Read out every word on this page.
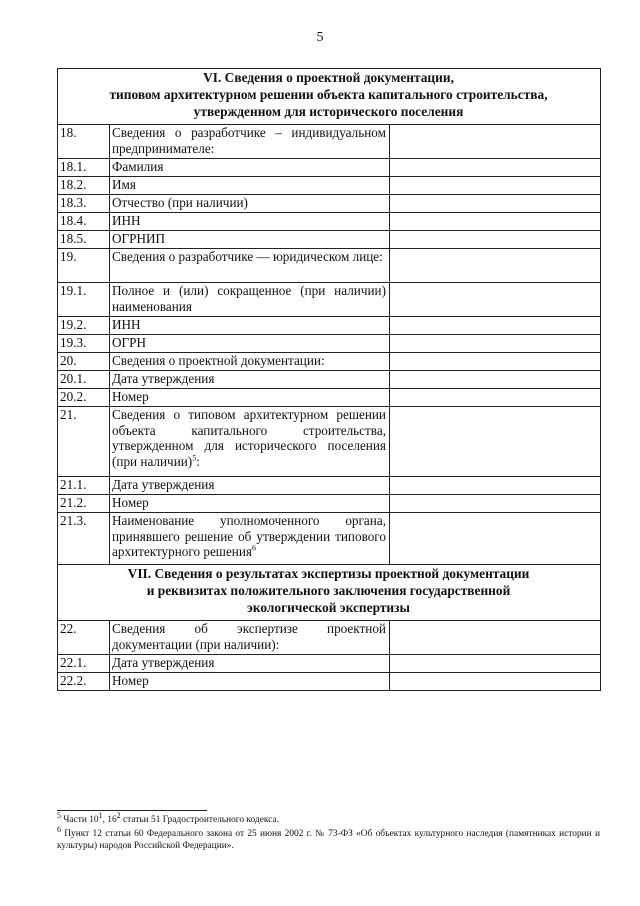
5
VI. Сведения о проектной документации,
типовом архитектурном решении объекта капитального строительства,
утвержденном для исторического поселения		

18.	Сведения о разработчике – индивидуальном предпринимателе:	
18.1.	Фамилия	
18.2.	Имя	
18.3.	Отчество (при наличии)	
18.4.	ИНН	
18.5.	ОГРНИП	
19.	Сведения о разработчике — юридическом лице:	
19.1.	Полное и (или) сокращенное (при наличии) наименования	
19.2.	ИНН	
19.3.	ОГРН	
20.	Сведения о проектной документации:	
20.1.	Дата утверждения	
20.2.	Номер	
21.	Сведения о типовом архитектурном решении объекта капитального строительства, утвержденном для исторического поселения (при наличии)$^5$:	
21.1.	Дата утверждения	
21.2.	Номер	
21.3.	Наименование уполномоченного органа, принявшего решение об утверждении типового архитектурного решения$^6$	

VII. Сведения о результатах экспертизы проектной документации
и реквизитах положительного заключения государственной
экологической экспертизы		

22.	Сведения об экспертизе проектной документации (при наличии):	
22.1.	Дата утверждения	
22.2.	Номер	
$^5$ Части $10^1$, $16^2$ статьи 51 Градостроительного кодекса.
$^6$ Пункт 12 статьи 60 Федерального закона от 25 июня 2002 г. № 73-ФЗ «Об объектах культурного наследия (памятниках истории и культуры) народов Российской Федерации».
